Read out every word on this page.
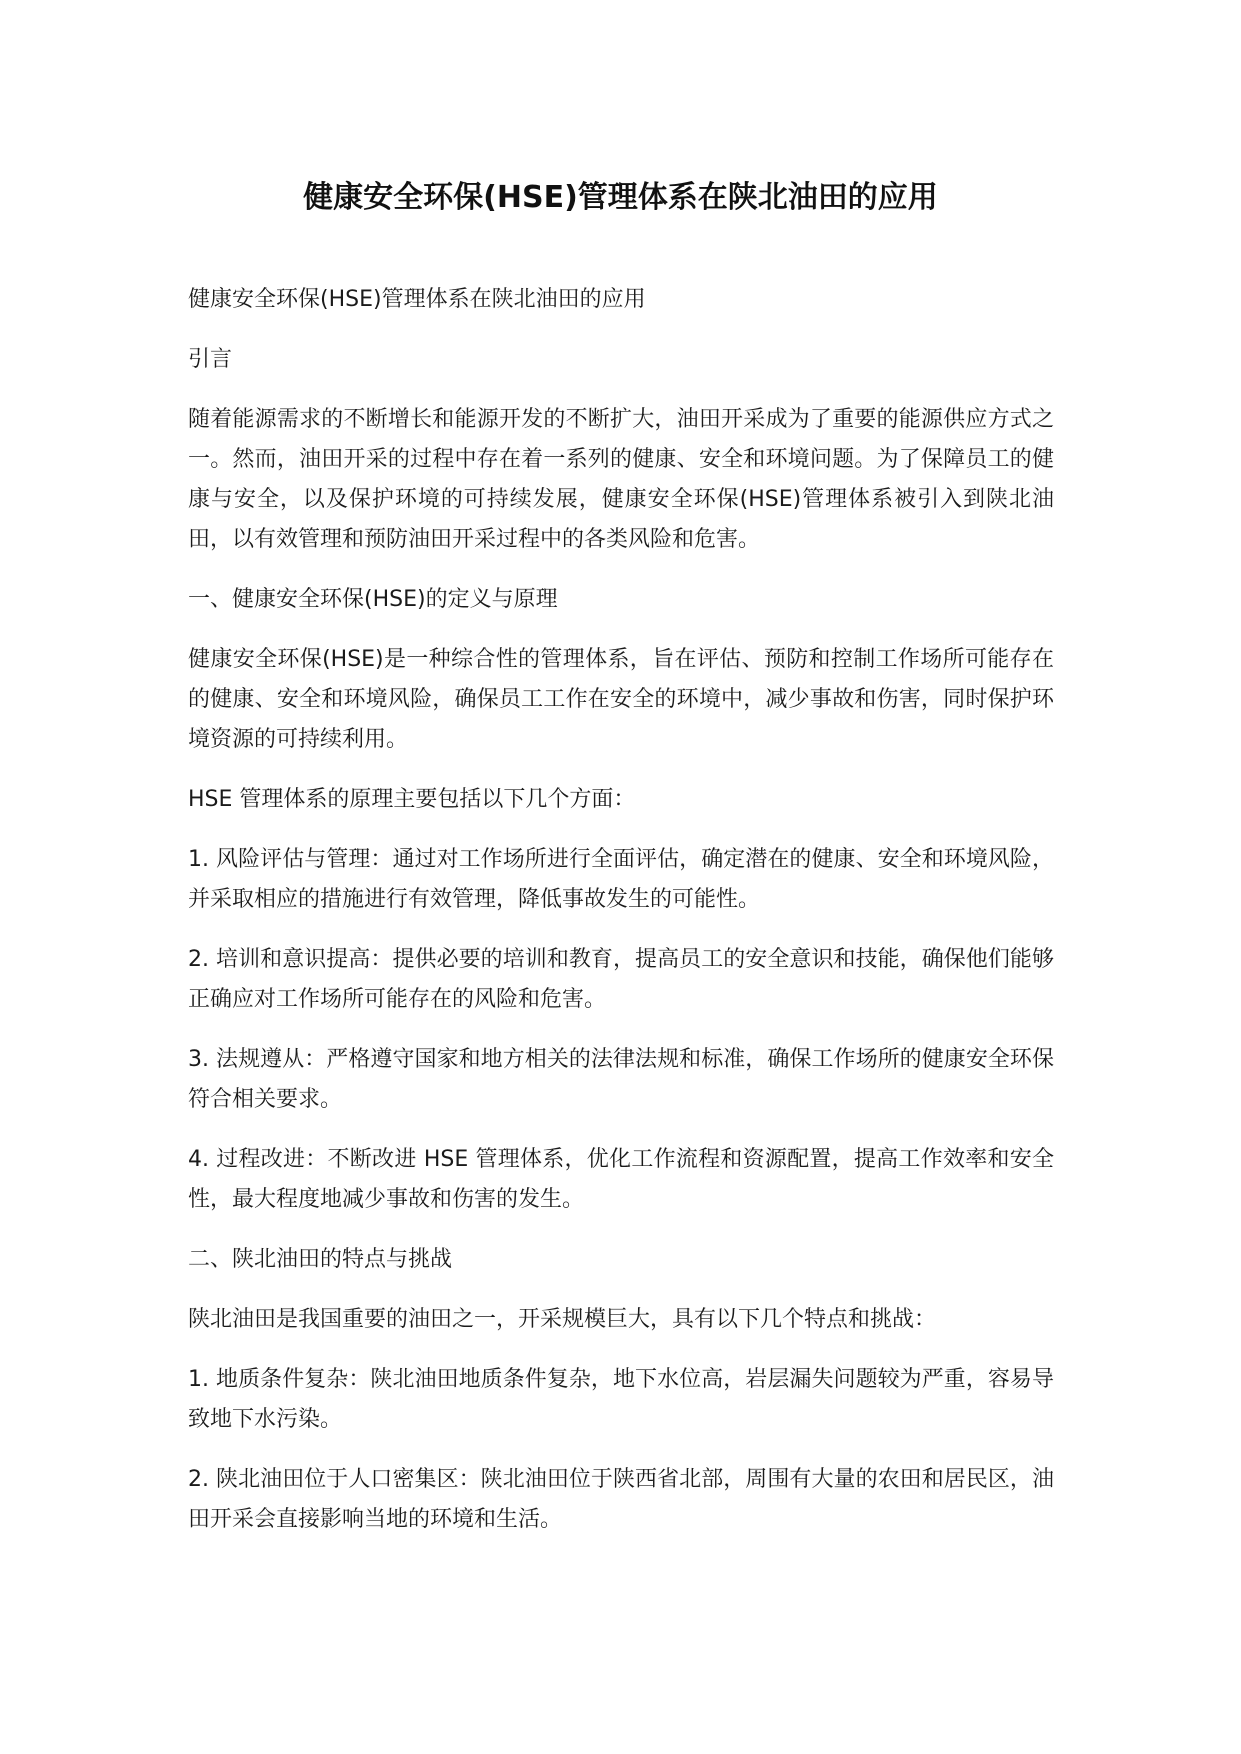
健康安全环保(HSE)管理体系在陕北油田的应用

健康安全环保(HSE)管理体系在陕北油田的应用

引言

随着能源需求的不断增长和能源开发的不断扩大，油田开采成为了重要的能源供应方式之一。然而，油田开采的过程中存在着一系列的健康、安全和环境问题。为了保障员工的健康与安全，以及保护环境的可持续发展，健康安全环保(HSE)管理体系被引入到陕北油田，以有效管理和预防油田开采过程中的各类风险和危害。

一、健康安全环保(HSE)的定义与原理

健康安全环保(HSE)是一种综合性的管理体系，旨在评估、预防和控制工作场所可能存在的健康、安全和环境风险，确保员工工作在安全的环境中，减少事故和伤害，同时保护环境资源的可持续利用。

HSE 管理体系的原理主要包括以下几个方面：

1. 风险评估与管理：通过对工作场所进行全面评估，确定潜在的健康、安全和环境风险，并采取相应的措施进行有效管理，降低事故发生的可能性。

2. 培训和意识提高：提供必要的培训和教育，提高员工的安全意识和技能，确保他们能够正确应对工作场所可能存在的风险和危害。

3. 法规遵从：严格遵守国家和地方相关的法律法规和标准，确保工作场所的健康安全环保符合相关要求。

4. 过程改进：不断改进 HSE 管理体系，优化工作流程和资源配置，提高工作效率和安全性，最大程度地减少事故和伤害的发生。

二、陕北油田的特点与挑战

陕北油田是我国重要的油田之一，开采规模巨大，具有以下几个特点和挑战：

1. 地质条件复杂：陕北油田地质条件复杂，地下水位高，岩层漏失问题较为严重，容易导致地下水污染。

2. 陕北油田位于人口密集区：陕北油田位于陕西省北部，周围有大量的农田和居民区，油田开采会直接影响当地的环境和生活。
